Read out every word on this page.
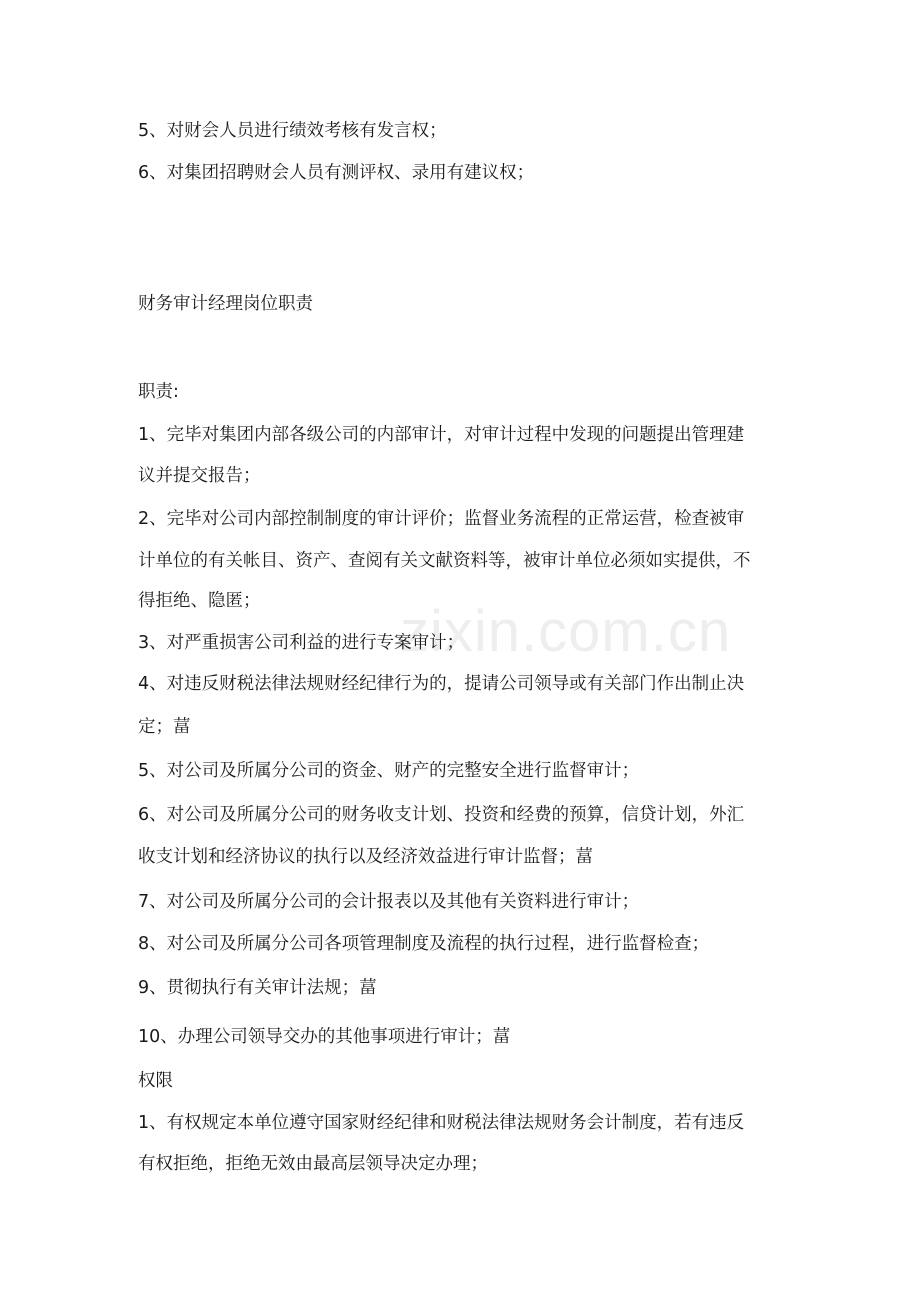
zixin.com.cn
5、对财会人员进行绩效考核有发言权；
6、对集团招聘财会人员有测评权、录用有建议权；
财务审计经理岗位职责
职责:
1、完毕对集团内部各级公司的内部审计，对审计过程中发现的问题提出管理建
议并提交报告；
2、完毕对公司内部控制制度的审计评价；监督业务流程的正常运营，检查被审
计单位的有关帐目、资产、查阅有关文献资料等，被审计单位必须如实提供，不
得拒绝、隐匿；
3、对严重损害公司利益的进行专案审计；
4、对违反财税法律法规财经纪律行为的，提请公司领导或有关部门作出制止决
定；葍
5、对公司及所属分公司的资金、财产的完整安全进行监督审计；
6、对公司及所属分公司的财务收支计划、投资和经费的预算，信贷计划，外汇
收支计划和经济协议的执行以及经济效益进行审计监督；葍
7、对公司及所属分公司的会计报表以及其他有关资料进行审计；
8、对公司及所属分公司各项管理制度及流程的执行过程，进行监督检查；
9、贯彻执行有关审计法规；葍
10、办理公司领导交办的其他事项进行审计；葍
权限
1、有权规定本单位遵守国家财经纪律和财税法律法规财务会计制度，若有违反
有权拒绝，拒绝无效由最高层领导决定办理；
